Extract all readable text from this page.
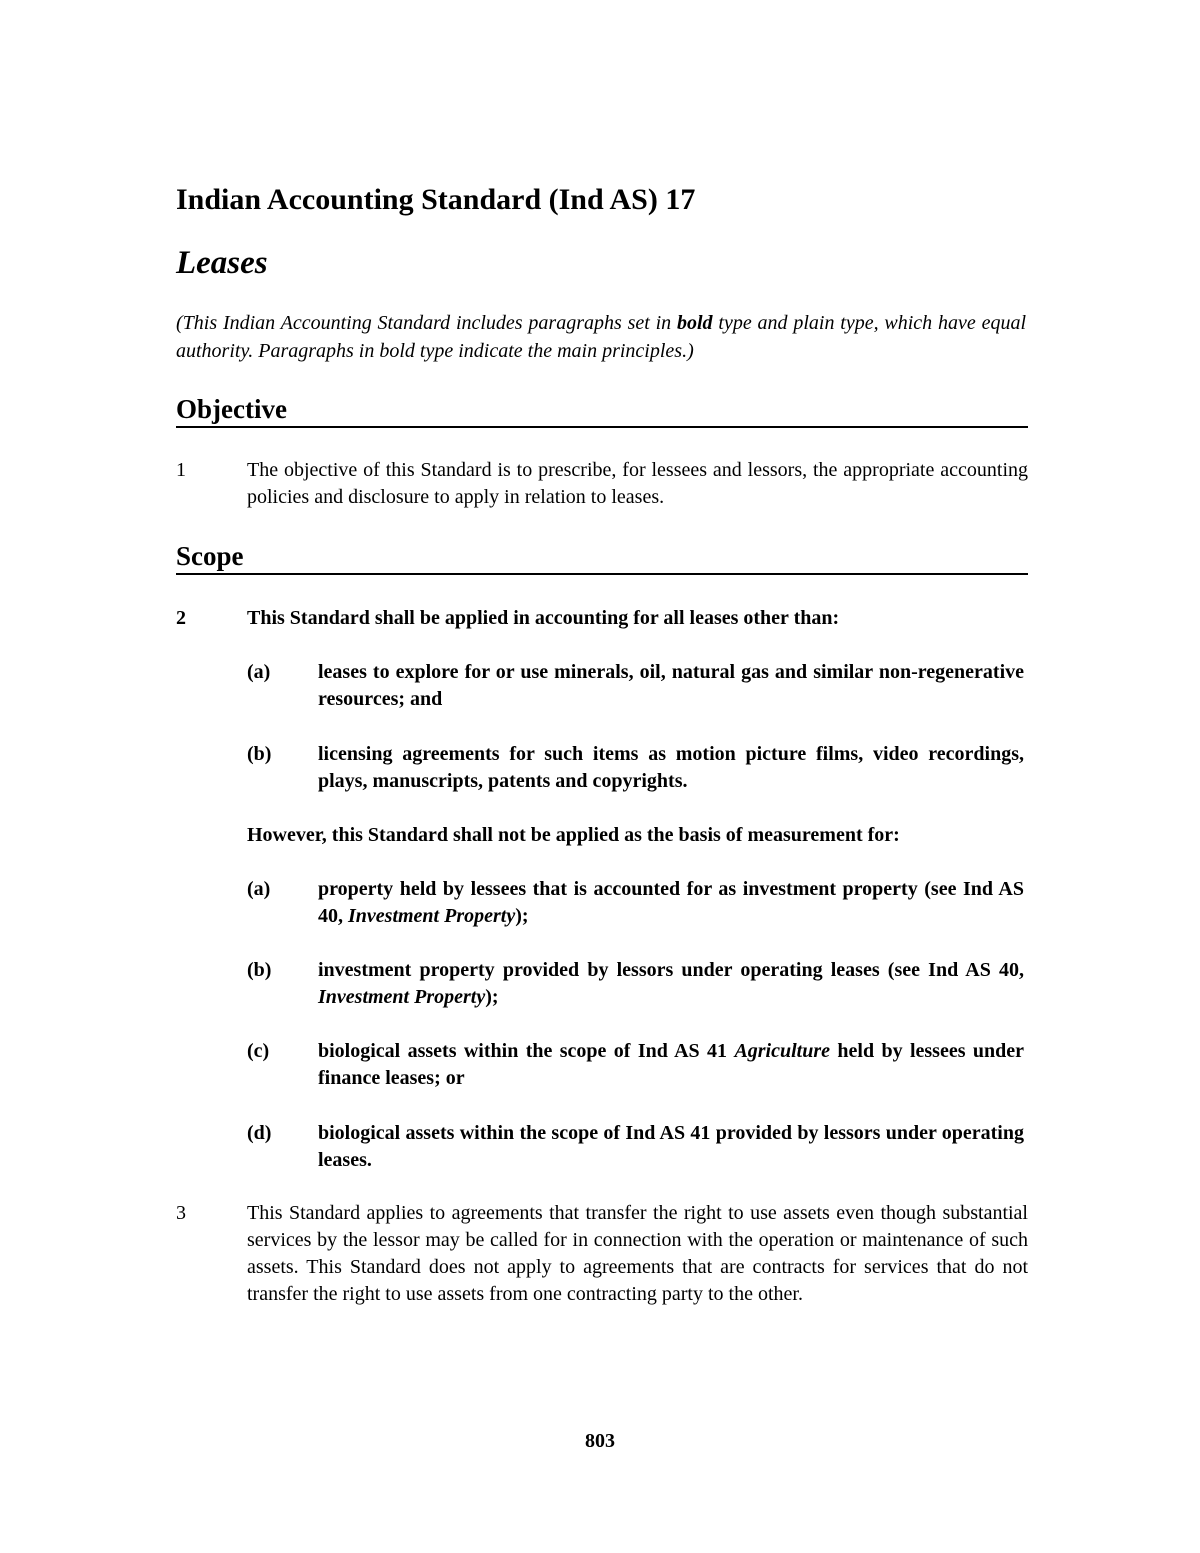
Indian Accounting Standard (Ind AS) 17
Leases

(This Indian Accounting Standard includes paragraphs set in bold type and plain type, which have equal authority. Paragraphs in bold type indicate the main principles.)

Objective
1	The objective of this Standard is to prescribe, for lessees and lessors, the appropriate accounting policies and disclosure to apply in relation to leases.
Scope
2	This Standard shall be applied in accounting for all leases other than:
(a) leases to explore for or use minerals, oil, natural gas and similar non-regenerative resources; and
(b) licensing agreements for such items as motion picture films, video recordings, plays, manuscripts, patents and copyrights.
However, this Standard shall not be applied as the basis of measurement for:
(a) property held by lessees that is accounted for as investment property (see Ind AS 40, Investment Property);
(b) investment property provided by lessors under operating leases (see Ind AS 40, Investment Property);
(c) biological assets within the scope of Ind AS 41 Agriculture held by lessees under finance leases; or
(d) biological assets within the scope of Ind AS 41 provided by lessors under operating leases.
3	This Standard applies to agreements that transfer the right to use assets even though substantial services by the lessor may be called for in connection with the operation or maintenance of such assets. This Standard does not apply to agreements that are contracts for services that do not transfer the right to use assets from one contracting party to the other.
803
